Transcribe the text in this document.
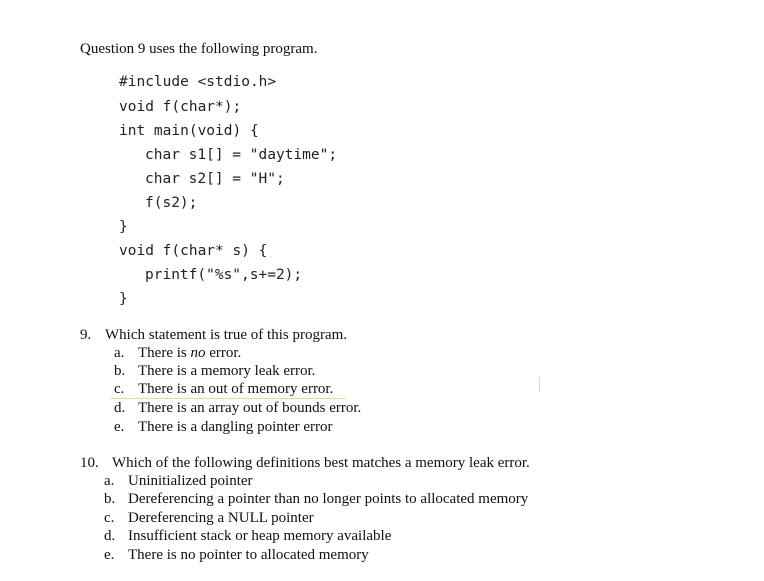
Question 9 uses the following program.
#include <stdio.h>
void f(char*);
int main(void) {
char s1[] = "daytime";
char s2[] = "H";
f(s2);
}
void f(char* s) {
printf("%s",s+=2);
}
9. Which statement is true of this program.
a. There is no error.
b. There is a memory leak error.
c. There is an out of memory error.
d. There is an array out of bounds error.
e. There is a dangling pointer error
10. Which of the following definitions best matches a memory leak error.
a. Uninitialized pointer
b. Dereferencing a pointer than no longer points to allocated memory
c. Dereferencing a NULL pointer
d. Insufficient stack or heap memory available
e. There is no pointer to allocated memory
